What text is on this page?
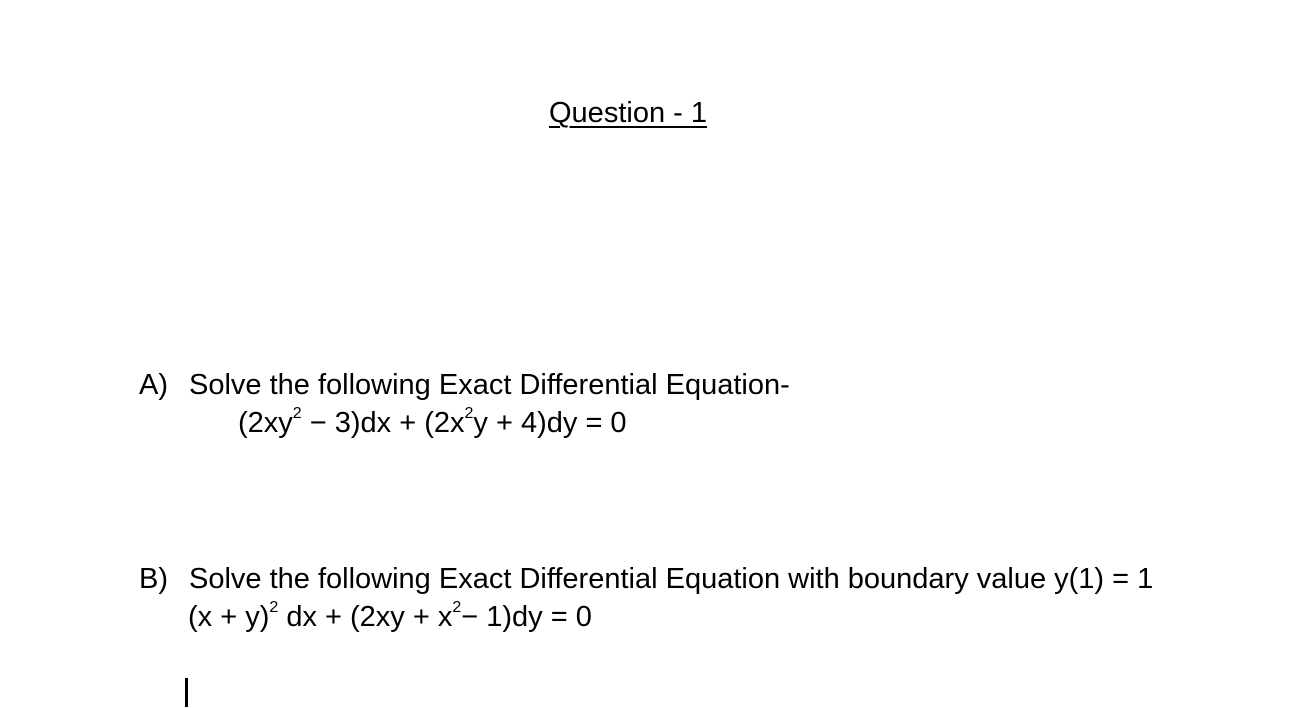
Question - 1
A) Solve the following Exact Differential Equation-
$(2xy^2 - 3)dx + (2x^2y + 4)dy = 0$
B) Solve the following Exact Differential Equation with boundary value y(1) = 1
$(x + y)^2$ dx + $(2xy + x^2- 1)dy = 0$
